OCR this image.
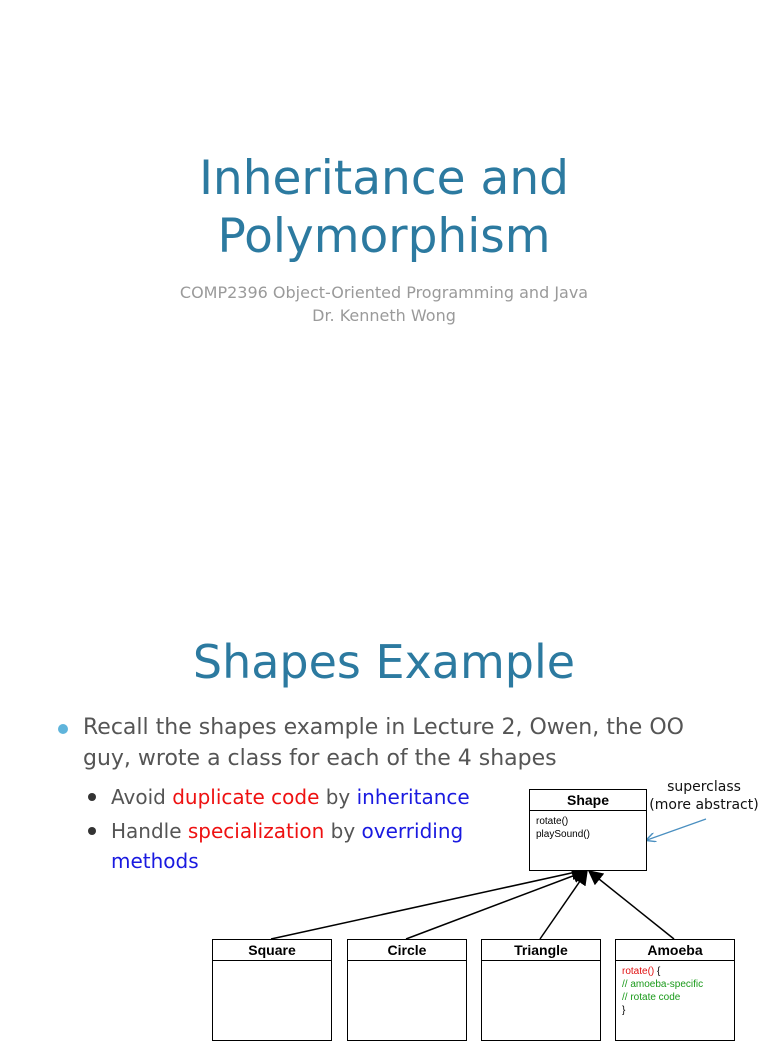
Inheritance and
Polymorphism
COMP2396 Object-Oriented Programming and Java
Dr. Kenneth Wong
Shapes Example
Recall the shapes example in Lecture 2, Owen, the OO guy, wrote a class for each of the 4 shapes
Avoid duplicate code by inheritance
Handle specialization by overriding methods
superclass
(more abstract)
Shape
rotate()
playSound()
Square	Circle	Triangle	Amoeba
rotate() {
// amoeba-specific
// rotate code
}
